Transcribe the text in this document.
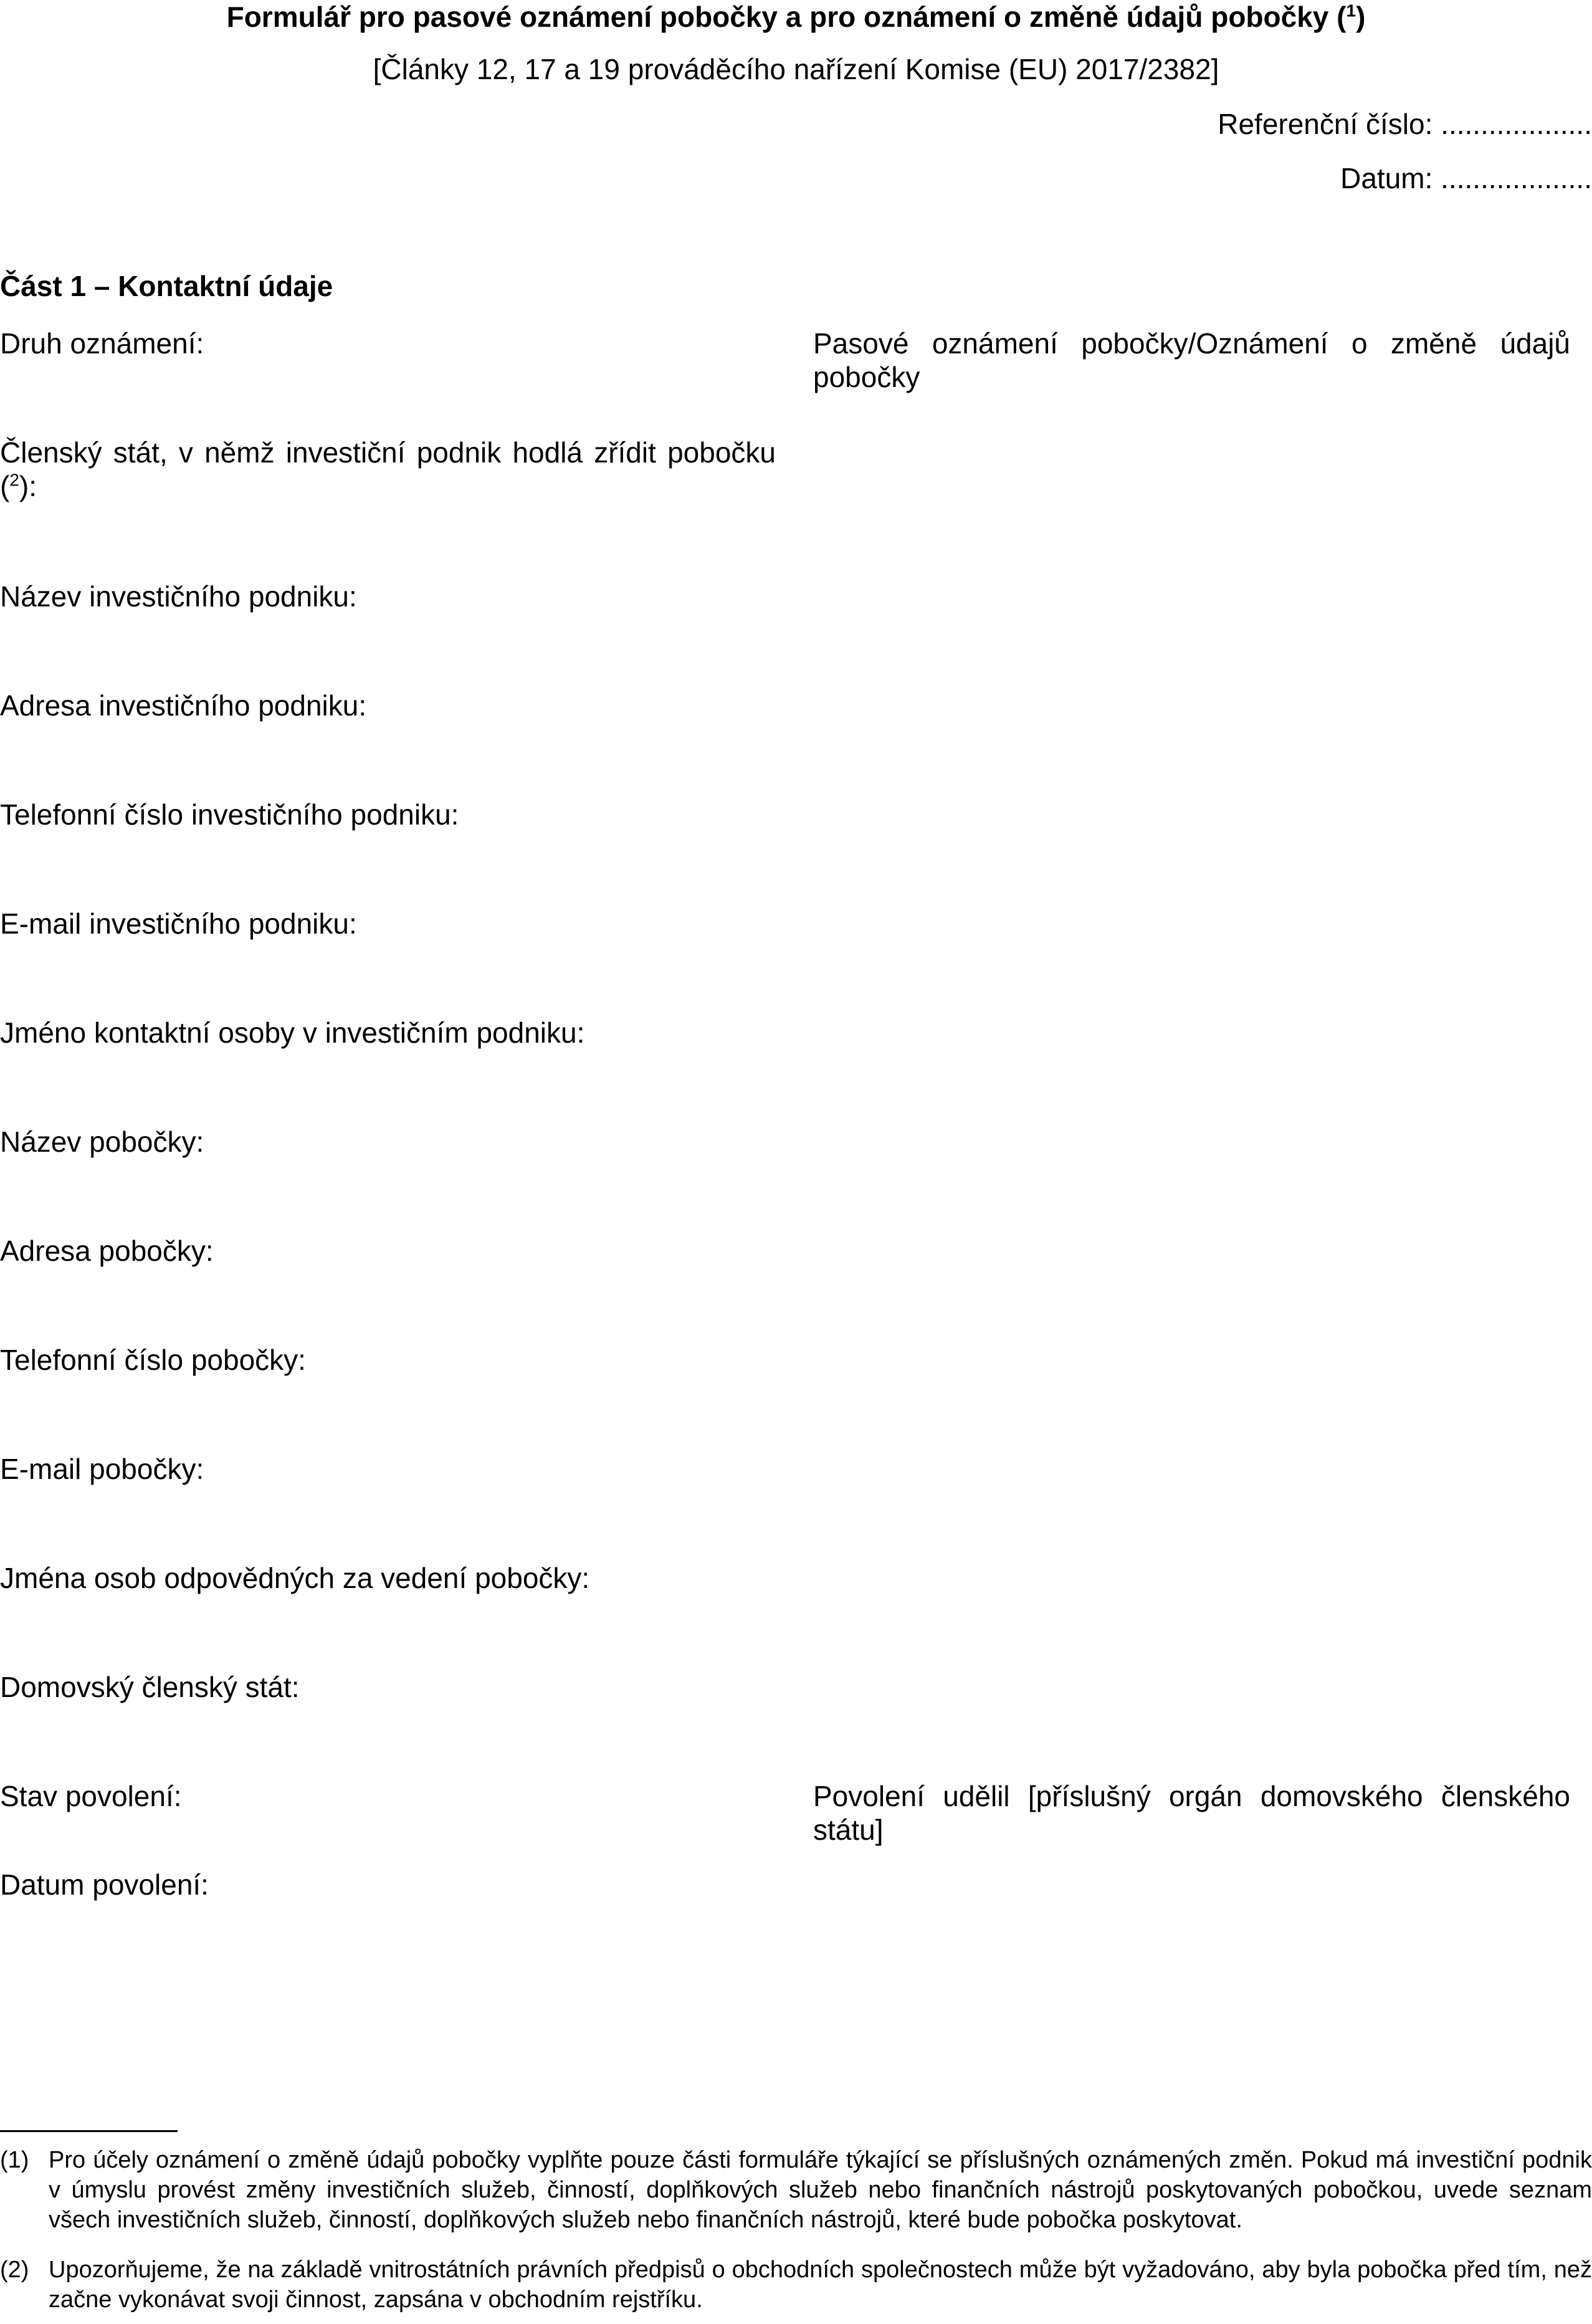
Formulář pro pasové oznámení pobočky a pro oznámení o změně údajů pobočky ($^1$)
[Články 12, 17 a 19 prováděcího nařízení Komise (EU) 2017/2382]
Referenční číslo: ...................
Datum: ...................
Část 1 – Kontaktní údaje
Druh oznámení:	Pasové oznámení pobočky/Oznámení o změně údajů pobočky
Členský stát, v němž investiční podnik hodlá zřídit pobočku ($^2$):
Název investičního podniku:
Adresa investičního podniku:
Telefonní číslo investičního podniku:
E-mail investičního podniku:
Jméno kontaktní osoby v investičním podniku:
Název pobočky:
Adresa pobočky:
Telefonní číslo pobočky:
E-mail pobočky:
Jména osob odpovědných za vedení pobočky:
Domovský členský stát:
Stav povolení:	Povolení udělil [příslušný orgán domovského členského státu]
Datum povolení:
(1) Pro účely oznámení o změně údajů pobočky vyplňte pouze části formuláře týkající se příslušných oznámených změn. Pokud má investiční podnik v úmyslu provést změny investičních služeb, činností, doplňkových služeb nebo finančních nástrojů poskytovaných pobočkou, uvede seznam všech investičních služeb, činností, doplňkových služeb nebo finančních nástrojů, které bude pobočka poskytovat.
(2) Upozorňujeme, že na základě vnitrostátních právních předpisů o obchodních společnostech může být vyžadováno, aby byla pobočka před tím, než začne vykonávat svoji činnost, zapsána v obchodním rejstříku.
